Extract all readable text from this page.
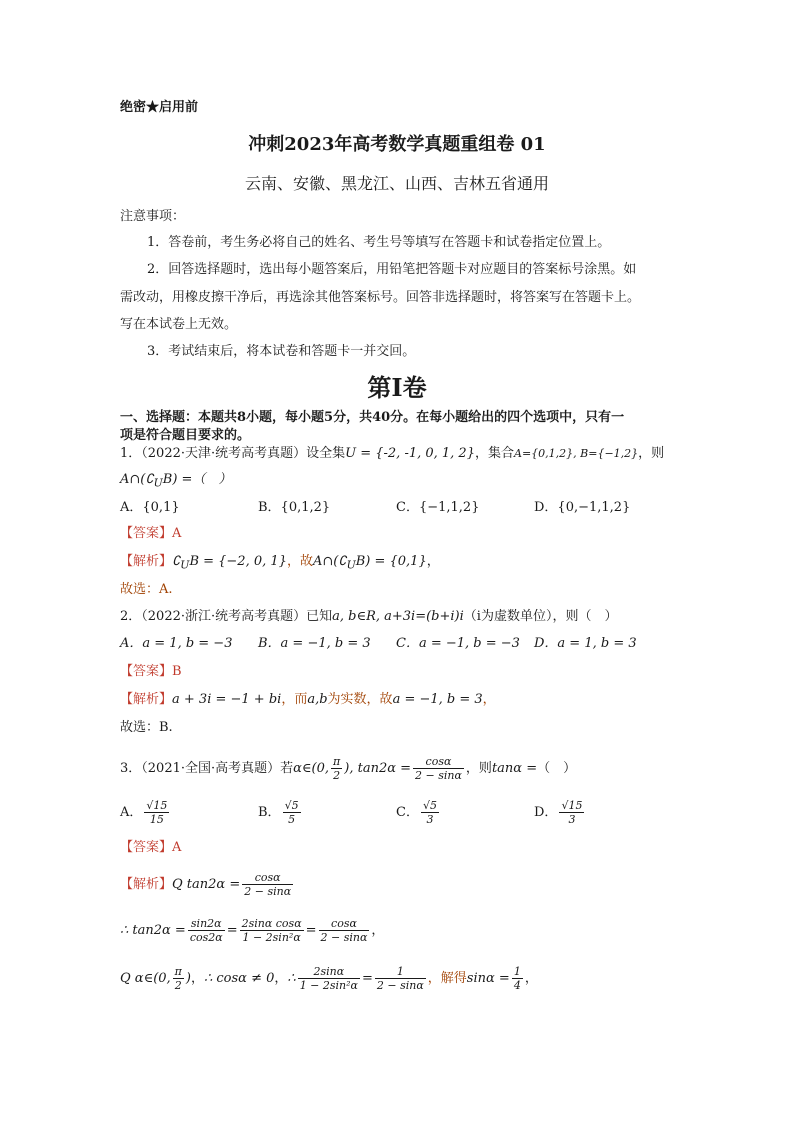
绝密★启用前
冲刺2023年高考数学真题重组卷 01
云南、安徽、黑龙江、山西、吉林五省通用
注意事项：
1．答卷前，考生务必将自己的姓名、考生号等填写在答题卡和试卷指定位置上。
2．回答选择题时，选出每小题答案后，用铅笔把答题卡对应题目的答案标号涂黑。如
需改动，用橡皮擦干净后，再选涂其他答案标号。回答非选择题时，将答案写在答题卡上。
写在本试卷上无效。
3．考试结束后，将本试卷和答题卡一并交回。
第Ⅰ卷
一、选择题：本题共8小题，每小题5分，共40分。在每小题给出的四个选项中，只有一
项是符合题目要求的。
1．（2022·天津·统考高考真题）设全集U = {-2, -1, 0, 1, 2}，集合A={0,1,2}, B={−1,2}，则
$A\cap(∁_UB)$ =（　）
A．{0,1}	B．{0,1,2}	C．{−1,1,2}	D．{0,−1,1,2}
【答案】A
【解析】$∁_UB = \{-2$, 0, 1}，故$A\cap(∁_UB) = \{0,1\}$，
故选：A.
2．（2022·浙江·统考高考真题）已知a, b∈R, a+3i=(b+i)i（i为虚数单位），则（　）
A．a = 1, b = −3 B．a = −1, b = 3 C．a = −1, b = −3 D．a = 1, b = 3
【答案】B
【解析】a + 3i = −1 + bi，而a,b为实数，故a = −1, b = 3，
故选：B.
3．（2021·全国·高考真题）若α∈(0, $\frac{\pi}{2}$ ), $\tan 2\alpha = \frac{\cos\alpha}{2 - \sin\alpha}$ ，则tanα =（　）
A． $\frac{√15}{15}$	B． $\frac{√5}{5}$	C． $\frac{√5}{3}$	D． $\frac{√15}{3}$
【答案】A
【解析】Q $\tan 2\alpha = \frac{\cos\alpha}{2 - \sin\alpha}$
∴ $\tan 2\alpha = \frac{\sin 2\alpha}{\cos 2\alpha} = \frac{\text{2sinα cosα}}{\text{1 − 2sin²α}} = \frac{\cos\alpha}{2 - \sin\alpha}$ ，
Q α∈(0, $\frac{\pi}{2}$ )，∴ cosα ≠ 0，∴ $\frac{2\sin\alpha}{\text{1 − 2sin²α}} = \frac{1}{2 - \sin\alpha}$ ，解得$\sin\alpha = \frac{1}{4}$ ，
